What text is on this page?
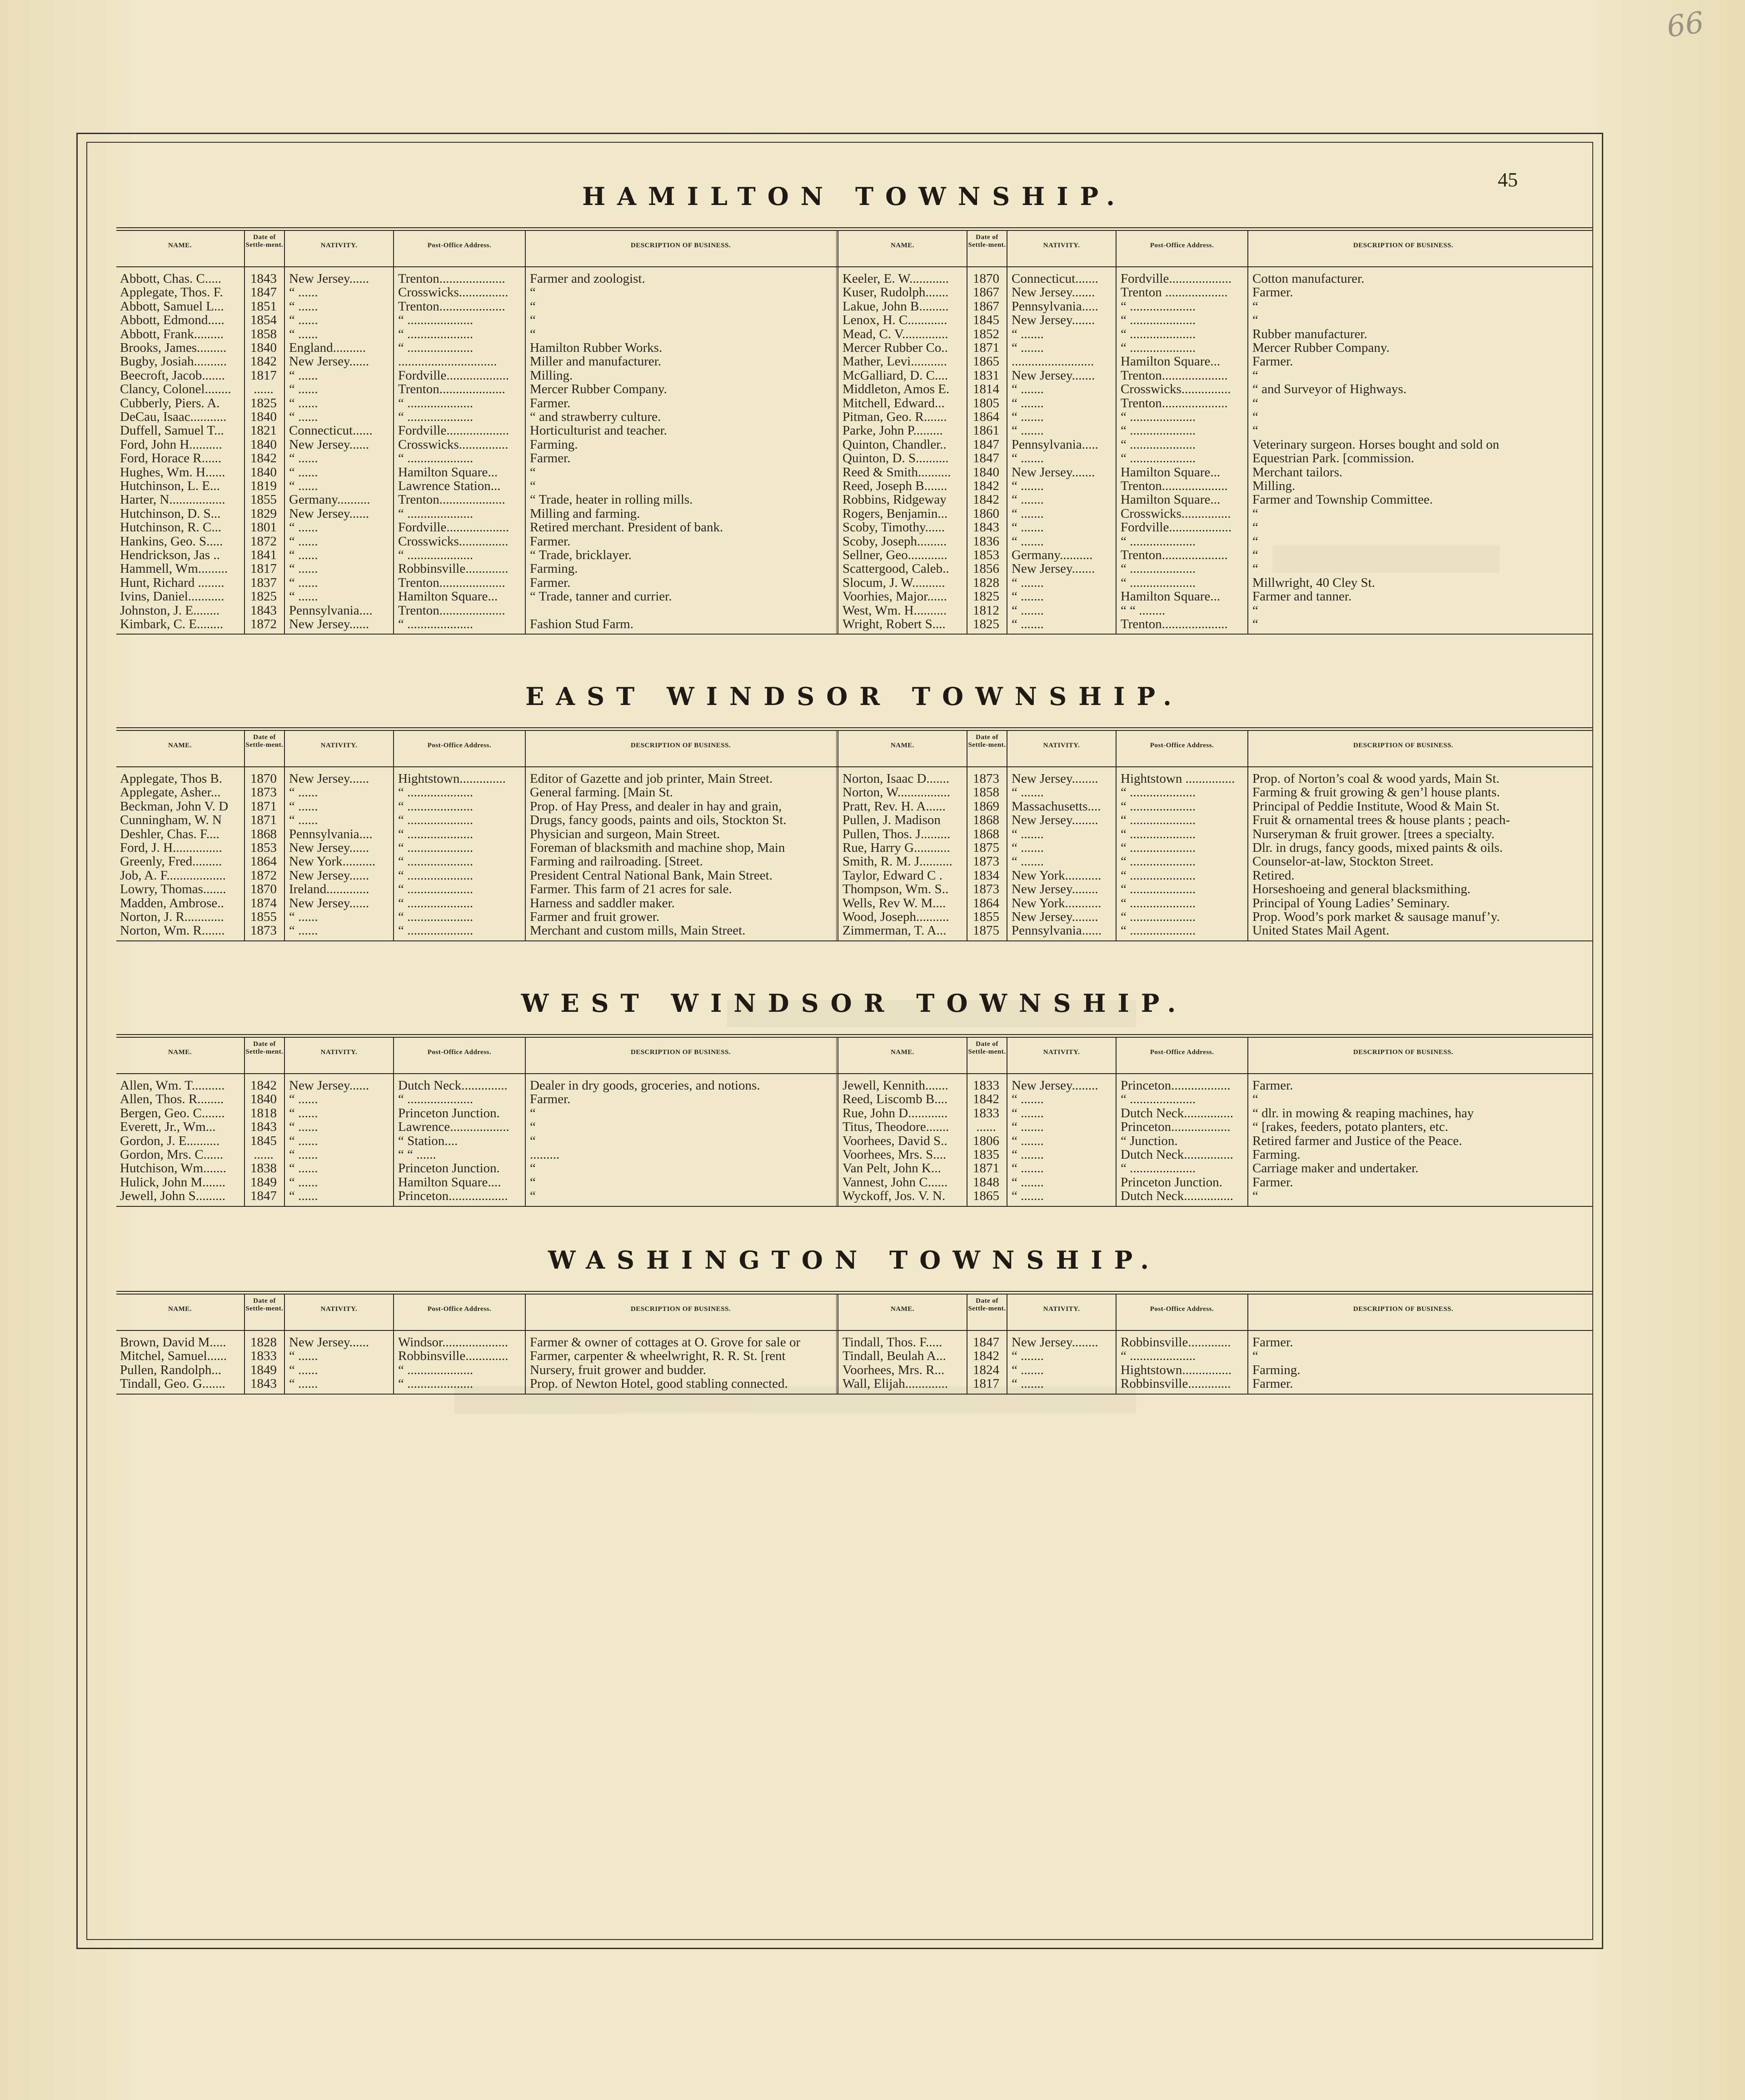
66
45
HAMILTON TOWNSHIP.
NAME.
Date of Settle-ment.	NATIVITY.	Post-Office Address.	DESCRIPTION OF BUSINESS.	NAME.
Date of Settle-ment.	NATIVITY.	Post-Office Address.	DESCRIPTION OF BUSINESS.
Abbott, Chas. C.....	1843 New Jersey......	Trenton....................	Farmer and zoologist.
Applegate, Thos. F.	1847 “ ......	Crosswicks...............	“
Abbott, Samuel L...	1851 “ ......	Trenton....................	“
Abbott, Edmond.....	1854 “ ......	“ ....................	“
Abbott, Frank.........	1858 “ ......	“ ....................	“
Brooks, James.........	1840 England..........	“ ....................	Hamilton Rubber Works.
Bugby, Josiah..........	1842 New Jersey......	..............................	Miller and manufacturer.
Beecroft, Jacob.......	1817 “ ......	Fordville...................	Milling.
Clancy, Colonel........	......	“ ......	Trenton....................	Mercer Rubber Company.
Cubberly, Piers. A.	1825 “ ......	“ ....................	Farmer.
DeCau, Isaac...........	1840 “ ......	“ ....................	“ and strawberry culture.
Duffell, Samuel T...	1821 Connecticut......	Fordville...................	Horticulturist and teacher.
Ford, John H..........	1840 New Jersey......	Crosswicks...............	Farming.
Ford, Horace R......	1842 “ ......	“ ....................	Farmer.
Hughes, Wm. H......	1840 “ ......	Hamilton Square...	“
Hutchinson, L. E...	1819 “ ......	Lawrence Station...	“
Harter, N.................	1855 Germany..........	Trenton....................	“ Trade, heater in rolling mills.
Hutchinson, D. S...	1829 New Jersey......	“ ....................	Milling and farming.
Hutchinson, R. C...	1801 “ ......	Fordville...................	Retired merchant. President of bank.
Hankins, Geo. S.....	1872 “ ......	Crosswicks...............	Farmer.
Hendrickson, Jas ..	1841 “ ......	“ ....................	“ Trade, bricklayer.
Hammell, Wm.........	1817 “ ......	Robbinsville.............	Farming.
Hunt, Richard ........	1837 “ ......	Trenton....................	Farmer.
Ivins, Daniel...........	1825 “ ......	Hamilton Square...	“ Trade, tanner and currier.
Johnston, J. E........	1843 Pennsylvania....	Trenton....................
Kimbark, C. E........	1872 New Jersey......	“ ....................	Fashion Stud Farm.
Keeler, E. W............	1870 Connecticut.......	Fordville...................	Cotton manufacturer.
Kuser, Rudolph.......	1867 New Jersey.......	Trenton ...................	Farmer.
Lakue, John B.........	1867 Pennsylvania.....	“ ....................	“
Lenox, H. C............	1845 New Jersey.......	“ ....................	“
Mead, C. V..............	1852 “ .......	“ ....................	Rubber manufacturer.
Mercer Rubber Co..	1871 “ .......	“ ....................	Mercer Rubber Company.
Mather, Levi...........	1865 .........................	Hamilton Square...	Farmer.
McGalliard, D. C....	1831 New Jersey.......	Trenton....................	“
Middleton, Amos E.	1814 “ .......	Crosswicks...............	“ and Surveyor of Highways.
Mitchell, Edward...	1805 “ .......	Trenton....................	“
Pitman, Geo. R.......	1864 “ .......	“ ....................	“
Parke, John P.........	1861 “ .......	“ ....................	“
Quinton, Chandler..	1847 Pennsylvania.....	“ ....................	Veterinary surgeon. Horses bought and sold on
Quinton, D. S..........	1847 “ .......	“ ....................	Equestrian Park. [commission.
Reed & Smith..........	1840 New Jersey.......	Hamilton Square...	Merchant tailors.
Reed, Joseph B.......	1842 “ .......	Trenton....................	Milling.
Robbins, Ridgeway	1842 “ .......	Hamilton Square...	Farmer and Township Committee.
Rogers, Benjamin...	1860 “ .......	Crosswicks...............	“
Scoby, Timothy......	1843 “ .......	Fordville...................	“
Scoby, Joseph.........	1836 “ .......	“ ....................	“
Sellner, Geo............	1853 Germany..........	Trenton....................	“
Scattergood, Caleb..	1856 New Jersey.......	“ ....................	“
Slocum, J. W..........	1828 “ .......	“ ....................	Millwright, 40 Cley St.
Voorhies, Major......	1825 “ .......	Hamilton Square...	Farmer and tanner.
West, Wm. H..........	1812 “ .......	“ “ ........	“
Wright, Robert S....	1825 “ .......	Trenton....................	“
EAST WINDSOR TOWNSHIP.
NAME.
Date of Settle-ment.	NATIVITY.	Post-Office Address.	DESCRIPTION OF BUSINESS.	NAME.
Date of Settle-ment.	NATIVITY.	Post-Office Address.	DESCRIPTION OF BUSINESS.
Applegate, Thos B.	1870 New Jersey......	Hightstown..............	Editor of Gazette and job printer, Main Street.
Applegate, Asher...	1873 “ ......	“ ....................	General farming. [Main St.
Beckman, John V. D	1871 “ ......	“ ....................	Prop. of Hay Press, and dealer in hay and grain,
Cunningham, W. N	1871 “ ......	“ ....................	Drugs, fancy goods, paints and oils, Stockton St.
Deshler, Chas. F....	1868 Pennsylvania....	“ ....................	Physician and surgeon, Main Street.
Ford, J. H...............	1853 New Jersey......	“ ....................	Foreman of blacksmith and machine shop, Main
Greenly, Fred.........	1864 New York..........	“ ....................	Farming and railroading. [Street.
Job, A. F..................	1872 New Jersey......	“ ....................	President Central National Bank, Main Street.
Lowry, Thomas.......	1870 Ireland.............	“ ....................	Farmer. This farm of 21 acres for sale.
Madden, Ambrose..	1874 New Jersey......	“ ....................	Harness and saddler maker.
Norton, J. R............	1855 “ ......	“ ....................	Farmer and fruit grower.
Norton, Wm. R.......	1873 “ ......	“ ....................	Merchant and custom mills, Main Street.
Norton, Isaac D.......	1873 New Jersey........	Hightstown ...............	Prop. of Norton’s coal & wood yards, Main St.
Norton, W................	1858 “ .......	“ ....................	Farming & fruit growing & gen’l house plants.
Pratt, Rev. H. A......	1869 Massachusetts....	“ ....................	Principal of Peddie Institute, Wood & Main St.
Pullen, J. Madison	1868 New Jersey........	“ ....................	Fruit & ornamental trees & house plants ; peach-
Pullen, Thos. J.........	1868 “ .......	“ ....................	Nurseryman & fruit grower. [trees a specialty.
Rue, Harry G...........	1875 “ .......	“ ....................	Dlr. in drugs, fancy goods, mixed paints & oils.
Smith, R. M. J..........	1873 “ .......	“ ....................	Counselor-at-law, Stockton Street.
Taylor, Edward C .	1834 New York...........	“ ....................	Retired.
Thompson, Wm. S..	1873 New Jersey........	“ ....................	Horseshoeing and general blacksmithing.
Wells, Rev W. M....	1864 New York...........	“ ....................	Principal of Young Ladies’ Seminary.
Wood, Joseph..........	1855 New Jersey........	“ ....................	Prop. Wood’s pork market & sausage manuf’y.
Zimmerman, T. A...	1875 Pennsylvania......	“ ....................	United States Mail Agent.
WEST WINDSOR TOWNSHIP.
NAME.
Date of Settle-ment.	NATIVITY.	Post-Office Address.	DESCRIPTION OF BUSINESS.	NAME.
Date of Settle-ment.	NATIVITY.	Post-Office Address.	DESCRIPTION OF BUSINESS.
Allen, Wm. T..........	1842 New Jersey......	Dutch Neck..............	Dealer in dry goods, groceries, and notions.
Allen, Thos. R........	1840 “ ......	“ ....................	Farmer.
Bergen, Geo. C.......	1818 “ ......	Princeton Junction.	“
Everett, Jr., Wm...	1843 “ ......	Lawrence..................	“
Gordon, J. E..........	1845 “ ......	“ Station....	“
Gordon, Mrs. C......	......	“ ......	“ “ ......	.........
Hutchison, Wm.......	1838 “ ......	Princeton Junction.	“
Hulick, John M.......	1849 “ ......	Hamilton Square....	“
Jewell, John S.........	1847 “ ......	Princeton..................	“
Jewell, Kennith.......	1833 New Jersey........	Princeton..................	Farmer.
Reed, Liscomb B....	1842 “ .......	“ ....................	“
Rue, John D............	1833 “ .......	Dutch Neck...............	“ dlr. in mowing & reaping machines, hay
Titus, Theodore.......	......	“ .......	Princeton..................	“ [rakes, feeders, potato planters, etc.
Voorhees, David S..	1806 “ .......	“ Junction.	Retired farmer and Justice of the Peace.
Voorhees, Mrs. S....	1835 “ .......	Dutch Neck...............	Farming.
Van Pelt, John K...	1871 “ .......	“ ....................	Carriage maker and undertaker.
Vannest, John C......	1848 “ .......	Princeton Junction.	Farmer.
Wyckoff, Jos. V. N.	1865 “ .......	Dutch Neck...............	“
WASHINGTON TOWNSHIP.
NAME.
Date of Settle-ment.	NATIVITY.	Post-Office Address.	DESCRIPTION OF BUSINESS.	NAME.
Date of Settle-ment.	NATIVITY.	Post-Office Address.	DESCRIPTION OF BUSINESS.
Brown, David M.....	1828 New Jersey......	Windsor....................	Farmer & owner of cottages at O. Grove for sale or
Mitchel, Samuel......	1833 “ ......	Robbinsville.............	Farmer, carpenter & wheelwright, R. R. St. [rent
Pullen, Randolph...	1849 “ ......	“ ....................	Nursery, fruit grower and budder.
Tindall, Geo. G.......	1843 “ ......	“ ....................	Prop. of Newton Hotel, good stabling connected.
Tindall, Thos. F.....	1847 New Jersey........	Robbinsville.............	Farmer.
Tindall, Beulah A...	1842 “ .......	“ ....................	“
Voorhees, Mrs. R...	1824 “ .......	Hightstown...............	Farming.
Wall, Elijah.............	1817 “ .......	Robbinsville.............	Farmer.
